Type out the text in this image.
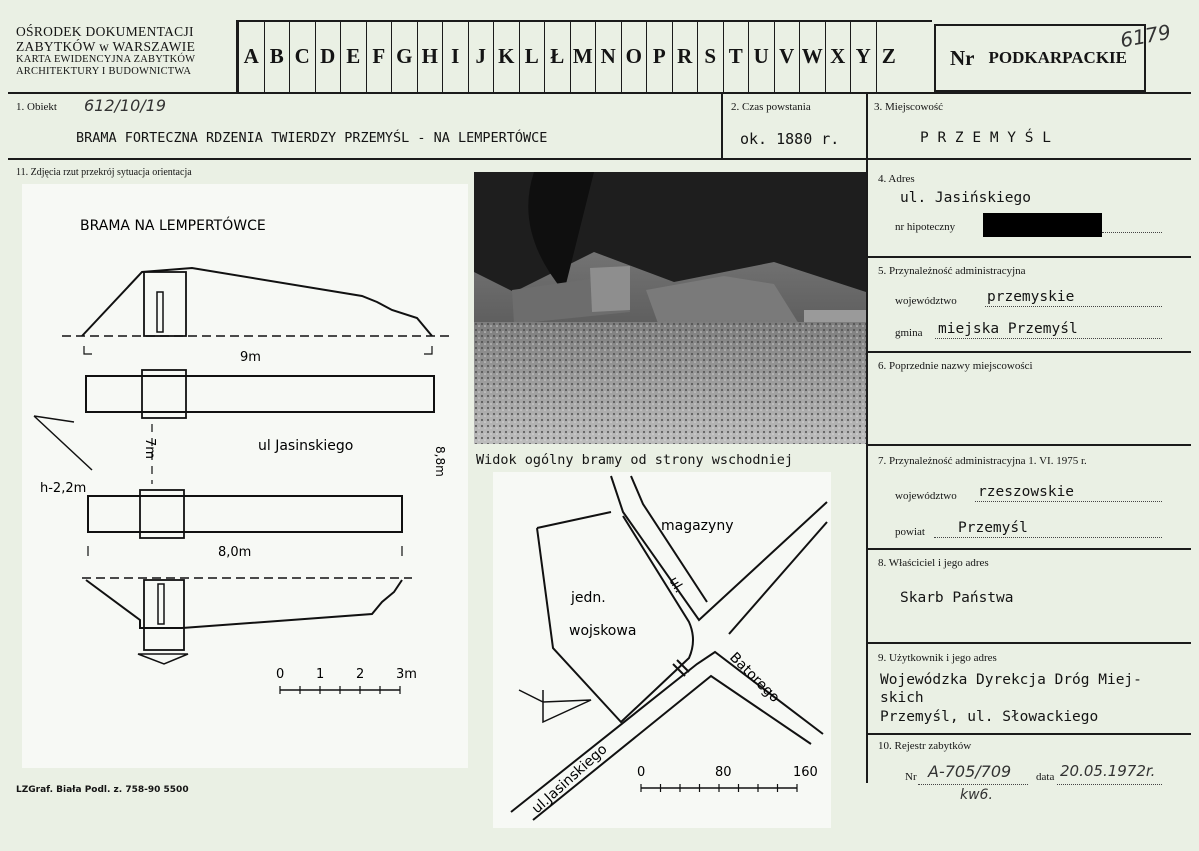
OŚRODEK DOKUMENTACJI
ZABYTKÓW w WARSZAWIE
KARTA EWIDENCYJNA ZABYTKÓW
ARCHITEKTURY I BUDOWNICTWA
A B C D E F G H I J K L Ł M N O P R S T U V W X Y Z	Nr PODKARPACKIE
6179
1. Obiekt 612/10/19
BRAMA FORTECZNA RDZENIA TWIERDZY PRZEMYŚL - NA LEMPERTÓWCE
2. Czas powstania
ok. 1880 r.
3. Miejscowość
P R Z E M Y Ś L
11. Zdjęcia rzut przekrój sytuacja orientacja
4. Adres
ul. Jasińskiego
nr hipoteczny
5. Przynależność administracyjna
województwo przemyskie
gmina miejska Przemyśl
6. Poprzednie nazwy miejscowości
7. Przynależność administracyjna 1. VI. 1975 r.
województwo rzeszowskie
powiat Przemyśl
8. Właściciel i jego adres
Skarb Państwa
9. Użytkownik i jego adres
Wojewódzka Dyrekcja Dróg Miej-
skich
Przemyśl, ul. Słowackiego
10. Rejestr zabytków
Nr A-705/709 data 20.05.1972r.
kw6.
LZGraf. Biała Podl. z. 758-90 5500
BRAMA NA LEMPERTÓWCE
9m
7m	8,8m
ul Jasinskiego
h-2,2m
8,0m
0 1 2 3m
Widok ogólny bramy od strony wschodniej
magazyny
jedn.
wojskowa
ul.
Batorego
ul.Jasinskiego 0	80	160
